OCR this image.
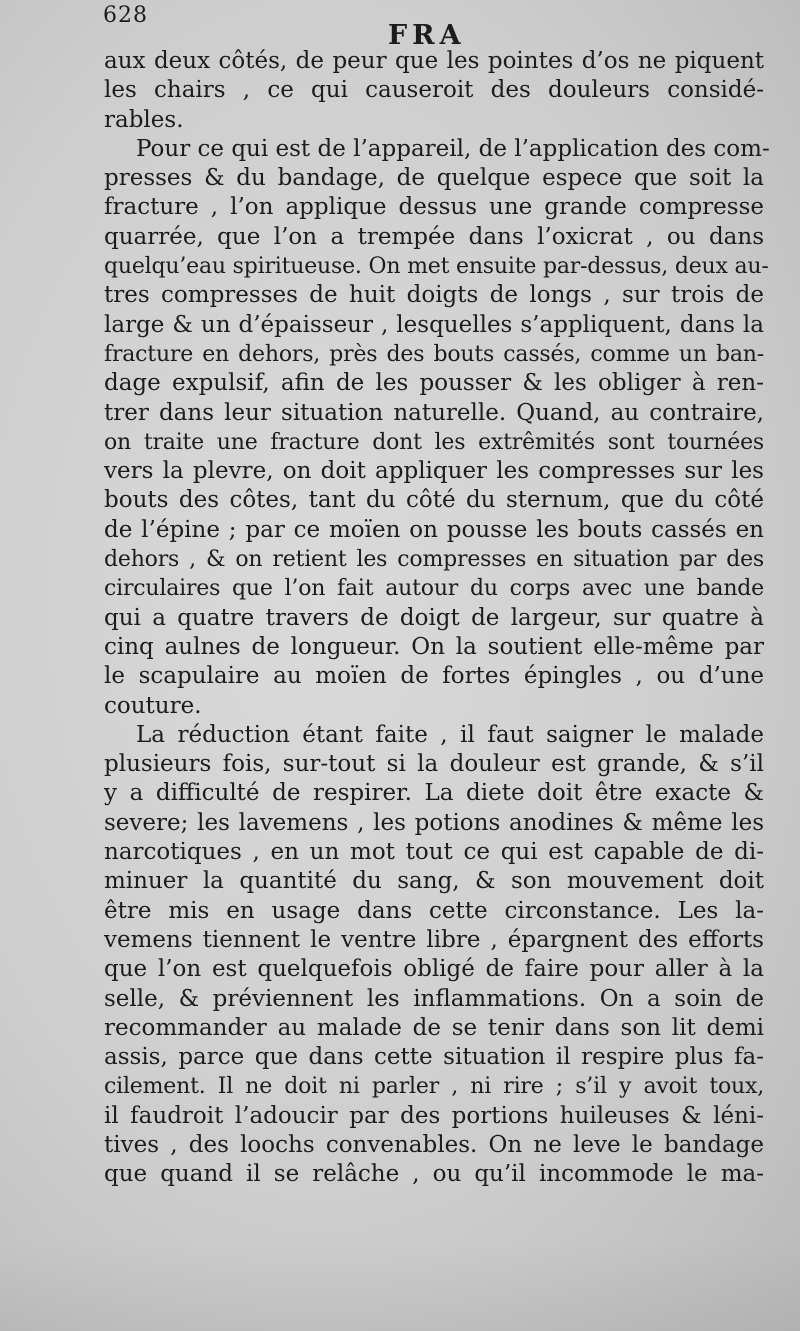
628
FRA
aux deux côtés, de peur que les pointes d’os ne piquent
les chairs , ce qui causeroit des douleurs considé-
rables.
Pour ce qui est de l’appareil, de l’application des com-
presses & du bandage, de quelque espece que soit la
fracture , l’on applique dessus une grande compresse
quarrée, que l’on a trempée dans l’oxicrat , ou dans
quelqu’eau spiritueuse. On met ensuite par-dessus, deux au-
tres compresses de huit doigts de longs , sur trois de
large & un d’épaisseur , lesquelles s’appliquent, dans la
fracture en dehors, près des bouts cassés, comme un ban-
dage expulsif, afin de les pousser & les obliger à ren-
trer dans leur situation naturelle. Quand, au contraire,
on traite une fracture dont les extrêmités sont tournées
vers la plevre, on doit appliquer les compresses sur les
bouts des côtes, tant du côté du sternum, que du côté
de l’épine ; par ce moïen on pousse les bouts cassés en
dehors , & on retient les compresses en situation par des
circulaires que l’on fait autour du corps avec une bande
qui a quatre travers de doigt de largeur, sur quatre à
cinq aulnes de longueur. On la soutient elle-même par
le scapulaire au moïen de fortes épingles , ou d’une
couture.
La réduction étant faite , il faut saigner le malade
plusieurs fois, sur-tout si la douleur est grande, & s’il
y a difficulté de respirer. La diete doit être exacte &
severe; les lavemens , les potions anodines & même les
narcotiques , en un mot tout ce qui est capable de di-
minuer la quantité du sang, & son mouvement doit
être mis en usage dans cette circonstance. Les la-
vemens tiennent le ventre libre , épargnent des efforts
que l’on est quelquefois obligé de faire pour aller à la
selle, & préviennent les inflammations. On a soin de
recommander au malade de se tenir dans son lit demi
assis, parce que dans cette situation il respire plus fa-
cilement. Il ne doit ni parler , ni rire ; s’il y avoit toux,
il faudroit l’adoucir par des portions huileuses & léni-
tives , des loochs convenables. On ne leve le bandage
que quand il se relâche , ou qu’il incommode le ma-
